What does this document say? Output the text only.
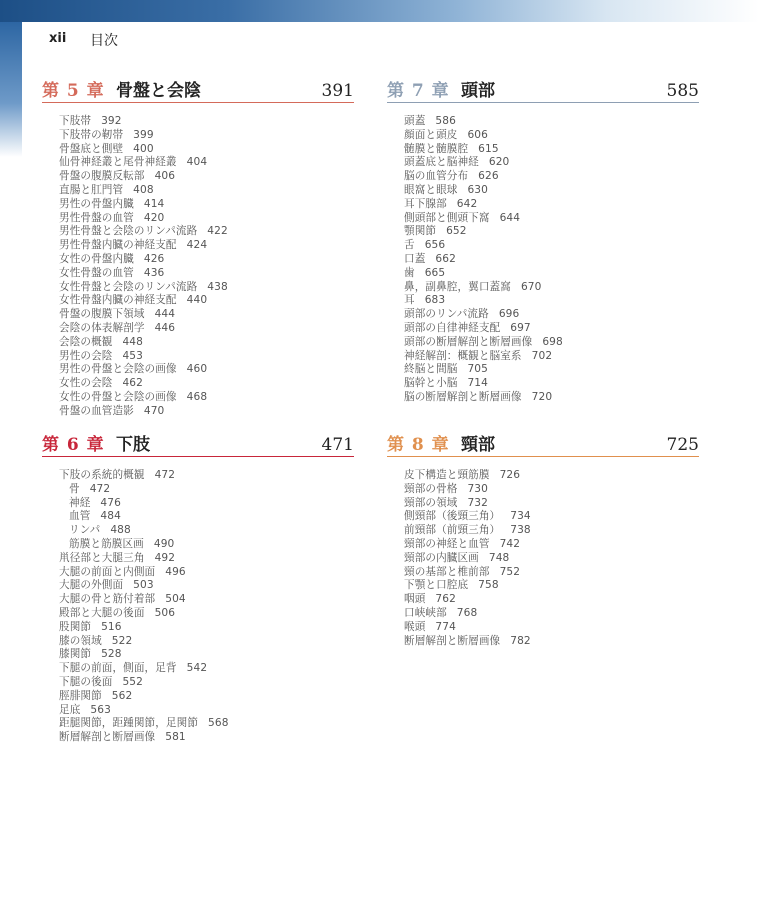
xii 目次
第 5 章 骨盤と会陰	391
下肢帯 392
下肢帯の靭帯 399
骨盤底と側壁 400
仙骨神経叢と尾骨神経叢 404
骨盤の腹膜反転部 406
直腸と肛門管 408
男性の骨盤内臓 414
男性骨盤の血管 420
男性骨盤と会陰のリンパ流路 422
男性骨盤内臓の神経支配 424
女性の骨盤内臓 426
女性骨盤の血管 436
女性骨盤と会陰のリンパ流路 438
女性骨盤内臓の神経支配 440
骨盤の腹膜下領域 444
会陰の体表解剖学 446
会陰の概観 448
男性の会陰 453
男性の骨盤と会陰の画像 460
女性の会陰 462
女性の骨盤と会陰の画像 468
骨盤の血管造影 470
第 7 章 頭部	585
頭蓋 586
顔面と頭皮 606
髄膜と髄膜腔 615
頭蓋底と脳神経 620
脳の血管分布 626
眼窩と眼球 630
耳下腺部 642
側頭部と側頭下窩 644
顎関節 652
舌 656
口蓋 662
歯 665
鼻，副鼻腔，翼口蓋窩 670
耳 683
頭部のリンパ流路 696
頭部の自律神経支配 697
頭部の断層解剖と断層画像 698
神経解剖：概観と脳室系 702
終脳と間脳 705
脳幹と小脳 714
脳の断層解剖と断層画像 720
第 6 章 下肢	471
下肢の系統的概観 472
骨 472
神経 476
血管 484
リンパ 488
筋膜と筋膜区画 490
鼡径部と大腿三角 492
大腿の前面と内側面 496
大腿の外側面 503
大腿の骨と筋付着部 504
殿部と大腿の後面 506
股関節 516
膝の領域 522
膝関節 528
下腿の前面，側面，足背 542
下腿の後面 552
脛腓関節 562
足底 563
距腿関節，距踵関節，足関節 568
断層解剖と断層画像 581
第 8 章 頸部	725
皮下構造と頸筋膜 726
頸部の骨格 730
頸部の領域 732
側頸部（後頸三角） 734
前頸部（前頸三角） 738
頸部の神経と血管 742
頸部の内臓区画 748
頸の基部と椎前部 752
下顎と口腔底 758
咽頭 762
口峡峡部 768
喉頭 774
断層解剖と断層画像 782
